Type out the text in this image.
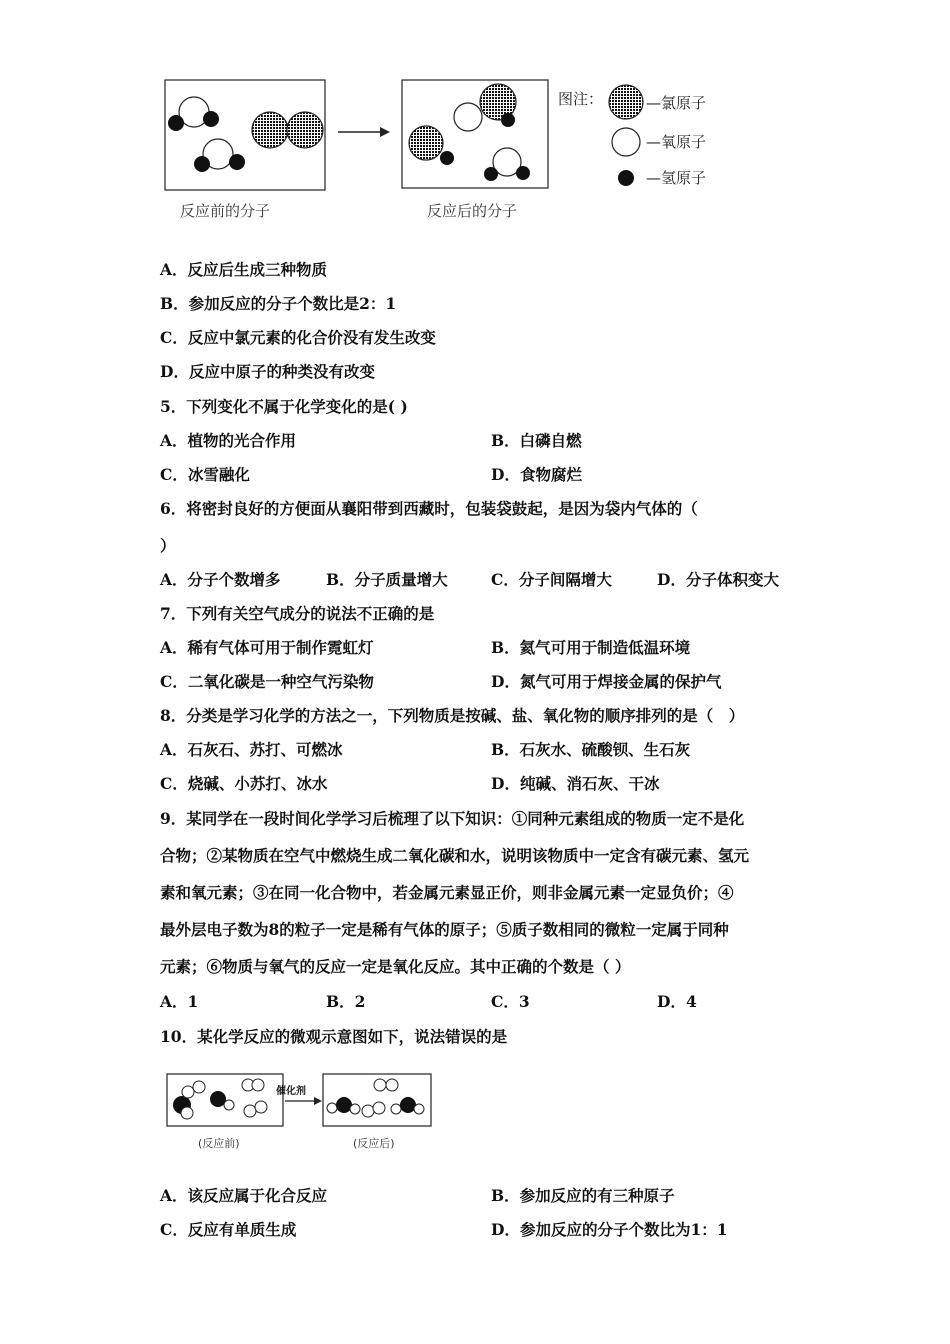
图注：	—氯原子
—氧原子
—氢原子
反应前的分子	反应后的分子
A．反应后生成三种物质
B．参加反应的分子个数比是2：1
C．反应中氯元素的化合价没有发生改变
D．反应中原子的种类没有改变
5．下列变化不属于化学变化的是( )
A．植物的光合作用	B．白磷自燃
C．冰雪融化	D．食物腐烂
6．将密封良好的方便面从襄阳带到西藏时，包装袋鼓起，是因为袋内气体的（
）
A．分子个数增多	B．分子质量增大	C．分子间隔增大	D．分子体积变大
7．下列有关空气成分的说法不正确的是
A．稀有气体可用于制作霓虹灯	B．氦气可用于制造低温环境
C．二氧化碳是一种空气污染物	D．氮气可用于焊接金属的保护气
8．分类是学习化学的方法之一，下列物质是按碱、盐、氧化物的顺序排列的是（　）
A．石灰石、苏打、可燃冰	B．石灰水、硫酸钡、生石灰
C．烧碱、小苏打、冰水	D．纯碱、消石灰、干冰
9．某同学在一段时间化学学习后梳理了以下知识：①同种元素组成的物质一定不是化
合物；②某物质在空气中燃烧生成二氧化碳和水，说明该物质中一定含有碳元素、氢元
素和氧元素；③在同一化合物中，若金属元素显正价，则非金属元素一定显负价；④
最外层电子数为8的粒子一定是稀有气体的原子；⑤质子数相同的微粒一定属于同种
元素；⑥物质与氧气的反应一定是氧化反应。其中正确的个数是（ ）
A．1	B．2	C．3	D．4
10．某化学反应的微观示意图如下，说法错误的是
催化剂
(反应前)	(反应后)
A．该反应属于化合反应	B．参加反应的有三种原子
C．反应有单质生成	D．参加反应的分子个数比为1：1
